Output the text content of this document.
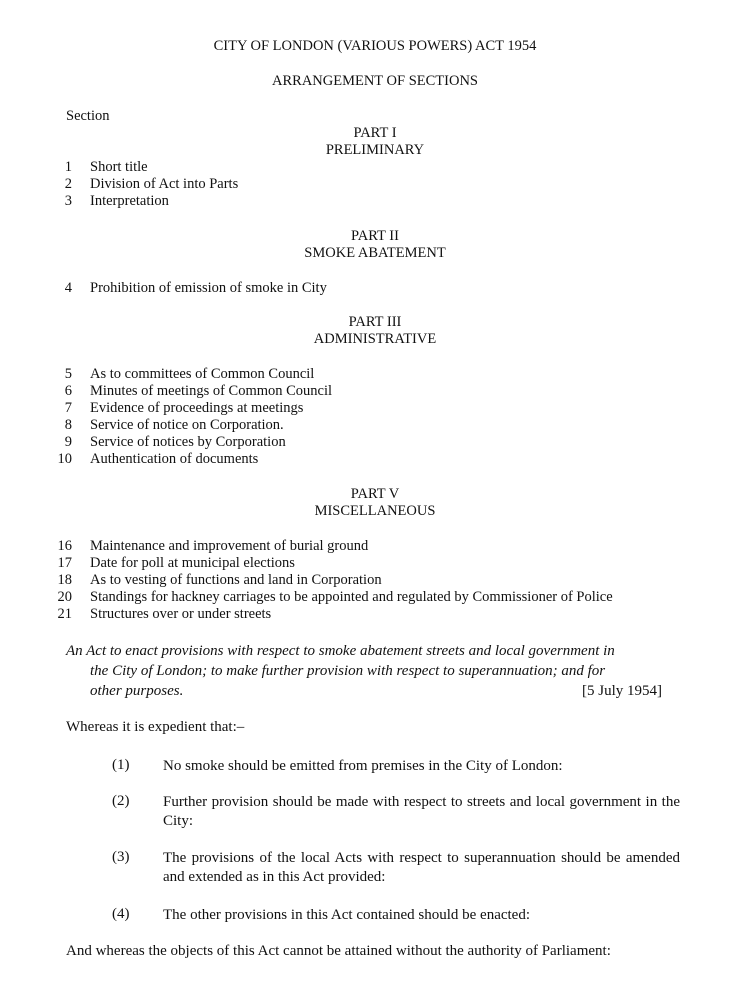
CITY OF LONDON (VARIOUS POWERS) ACT 1954
ARRANGEMENT OF SECTIONS
Section
PART I
PRELIMINARY
1 Short title
2 Division of Act into Parts
3 Interpretation
PART II
SMOKE ABATEMENT
4 Prohibition of emission of smoke in City
PART III
ADMINISTRATIVE
5 As to committees of Common Council
6 Minutes of meetings of Common Council
7 Evidence of proceedings at meetings
8 Service of notice on Corporation.
9 Service of notices by Corporation
10 Authentication of documents
PART V
MISCELLANEOUS
16 Maintenance and improvement of burial ground
17 Date for poll at municipal elections
18 As to vesting of functions and land in Corporation
20 Standings for hackney carriages to be appointed and regulated by Commissioner of Police
21 Structures over or under streets
An Act to enact provisions with respect to smoke abatement streets and local government in
the City of London; to make further provision with respect to superannuation; and for
other purposes.	[5 July 1954]
Whereas it is expedient that:–
(1) No smoke should be emitted from premises in the City of London:
(2) Further provision should be made with respect to streets and local government in the City:
(3) The provisions of the local Acts with respect to superannuation should be amended and extended as in this Act provided:
(4) The other provisions in this Act contained should be enacted:
And whereas the objects of this Act cannot be attained without the authority of Parliament:
